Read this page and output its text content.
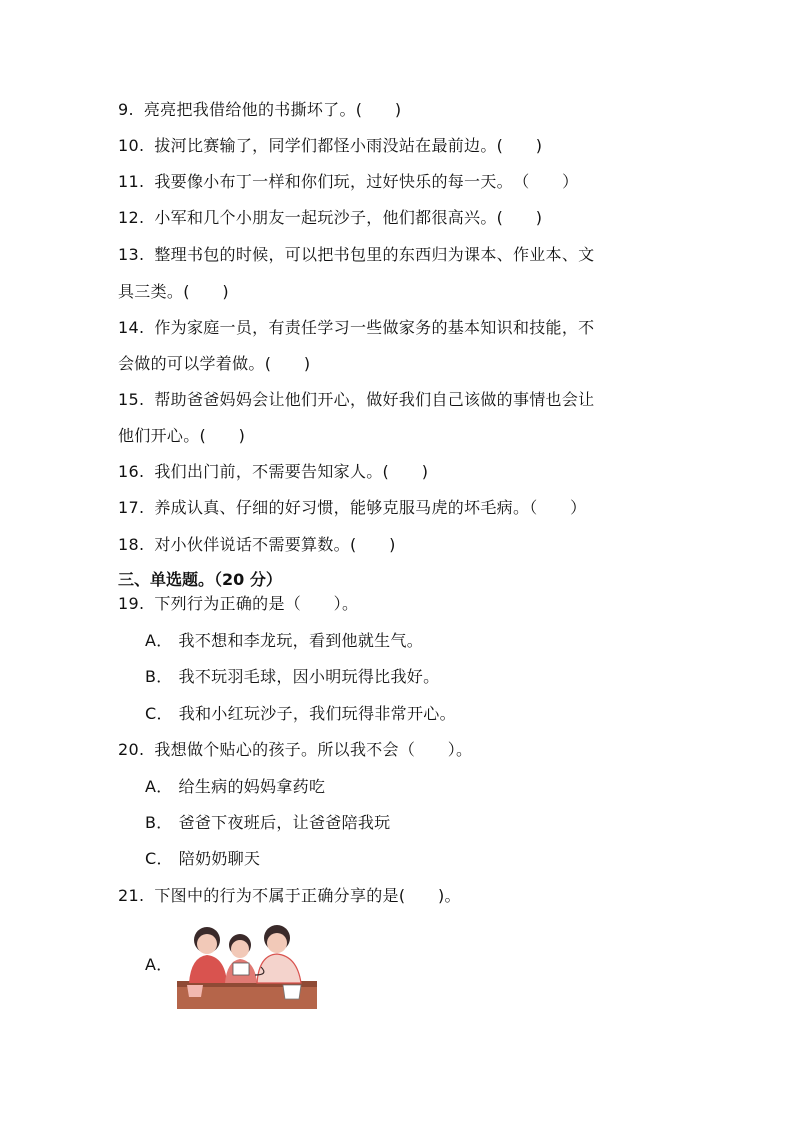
9. 亮亮把我借给他的书撕坏了。(　　)
10. 拔河比赛输了，同学们都怪小雨没站在最前边。(　　)
11. 我要像小布丁一样和你们玩，过好快乐的每一天。　（　　）
12. 小军和几个小朋友一起玩沙子，他们都很高兴。(　　)
13. 整理书包的时候，可以把书包里的东西归为课本、作业本、文
具三类。(　　)
14. 作为家庭一员，有责任学习一些做家务的基本知识和技能，不
会做的可以学着做。(　　)
15. 帮助爸爸妈妈会让他们开心，做好我们自己该做的事情也会让
他们开心。(　　)
16. 我们出门前，不需要告知家人。(　　)
17. 养成认真、仔细的好习惯，能够克服马虎的坏毛病。（　　）
18. 对小伙伴说话不需要算数。(　　)
三、单选题。（20 分）
19. 下列行为正确的是（　　）。
A． 我不想和李龙玩，看到他就生气。
B． 我不玩羽毛球，因小明玩得比我好。
C． 我和小红玩沙子，我们玩得非常开心。
20. 我想做个贴心的孩子。所以我不会（　　）。
A． 给生病的妈妈拿药吃
B． 爸爸下夜班后，让爸爸陪我玩
C． 陪奶奶聊天
21. 下图中的行为不属于正确分享的是(　　)。
A．
